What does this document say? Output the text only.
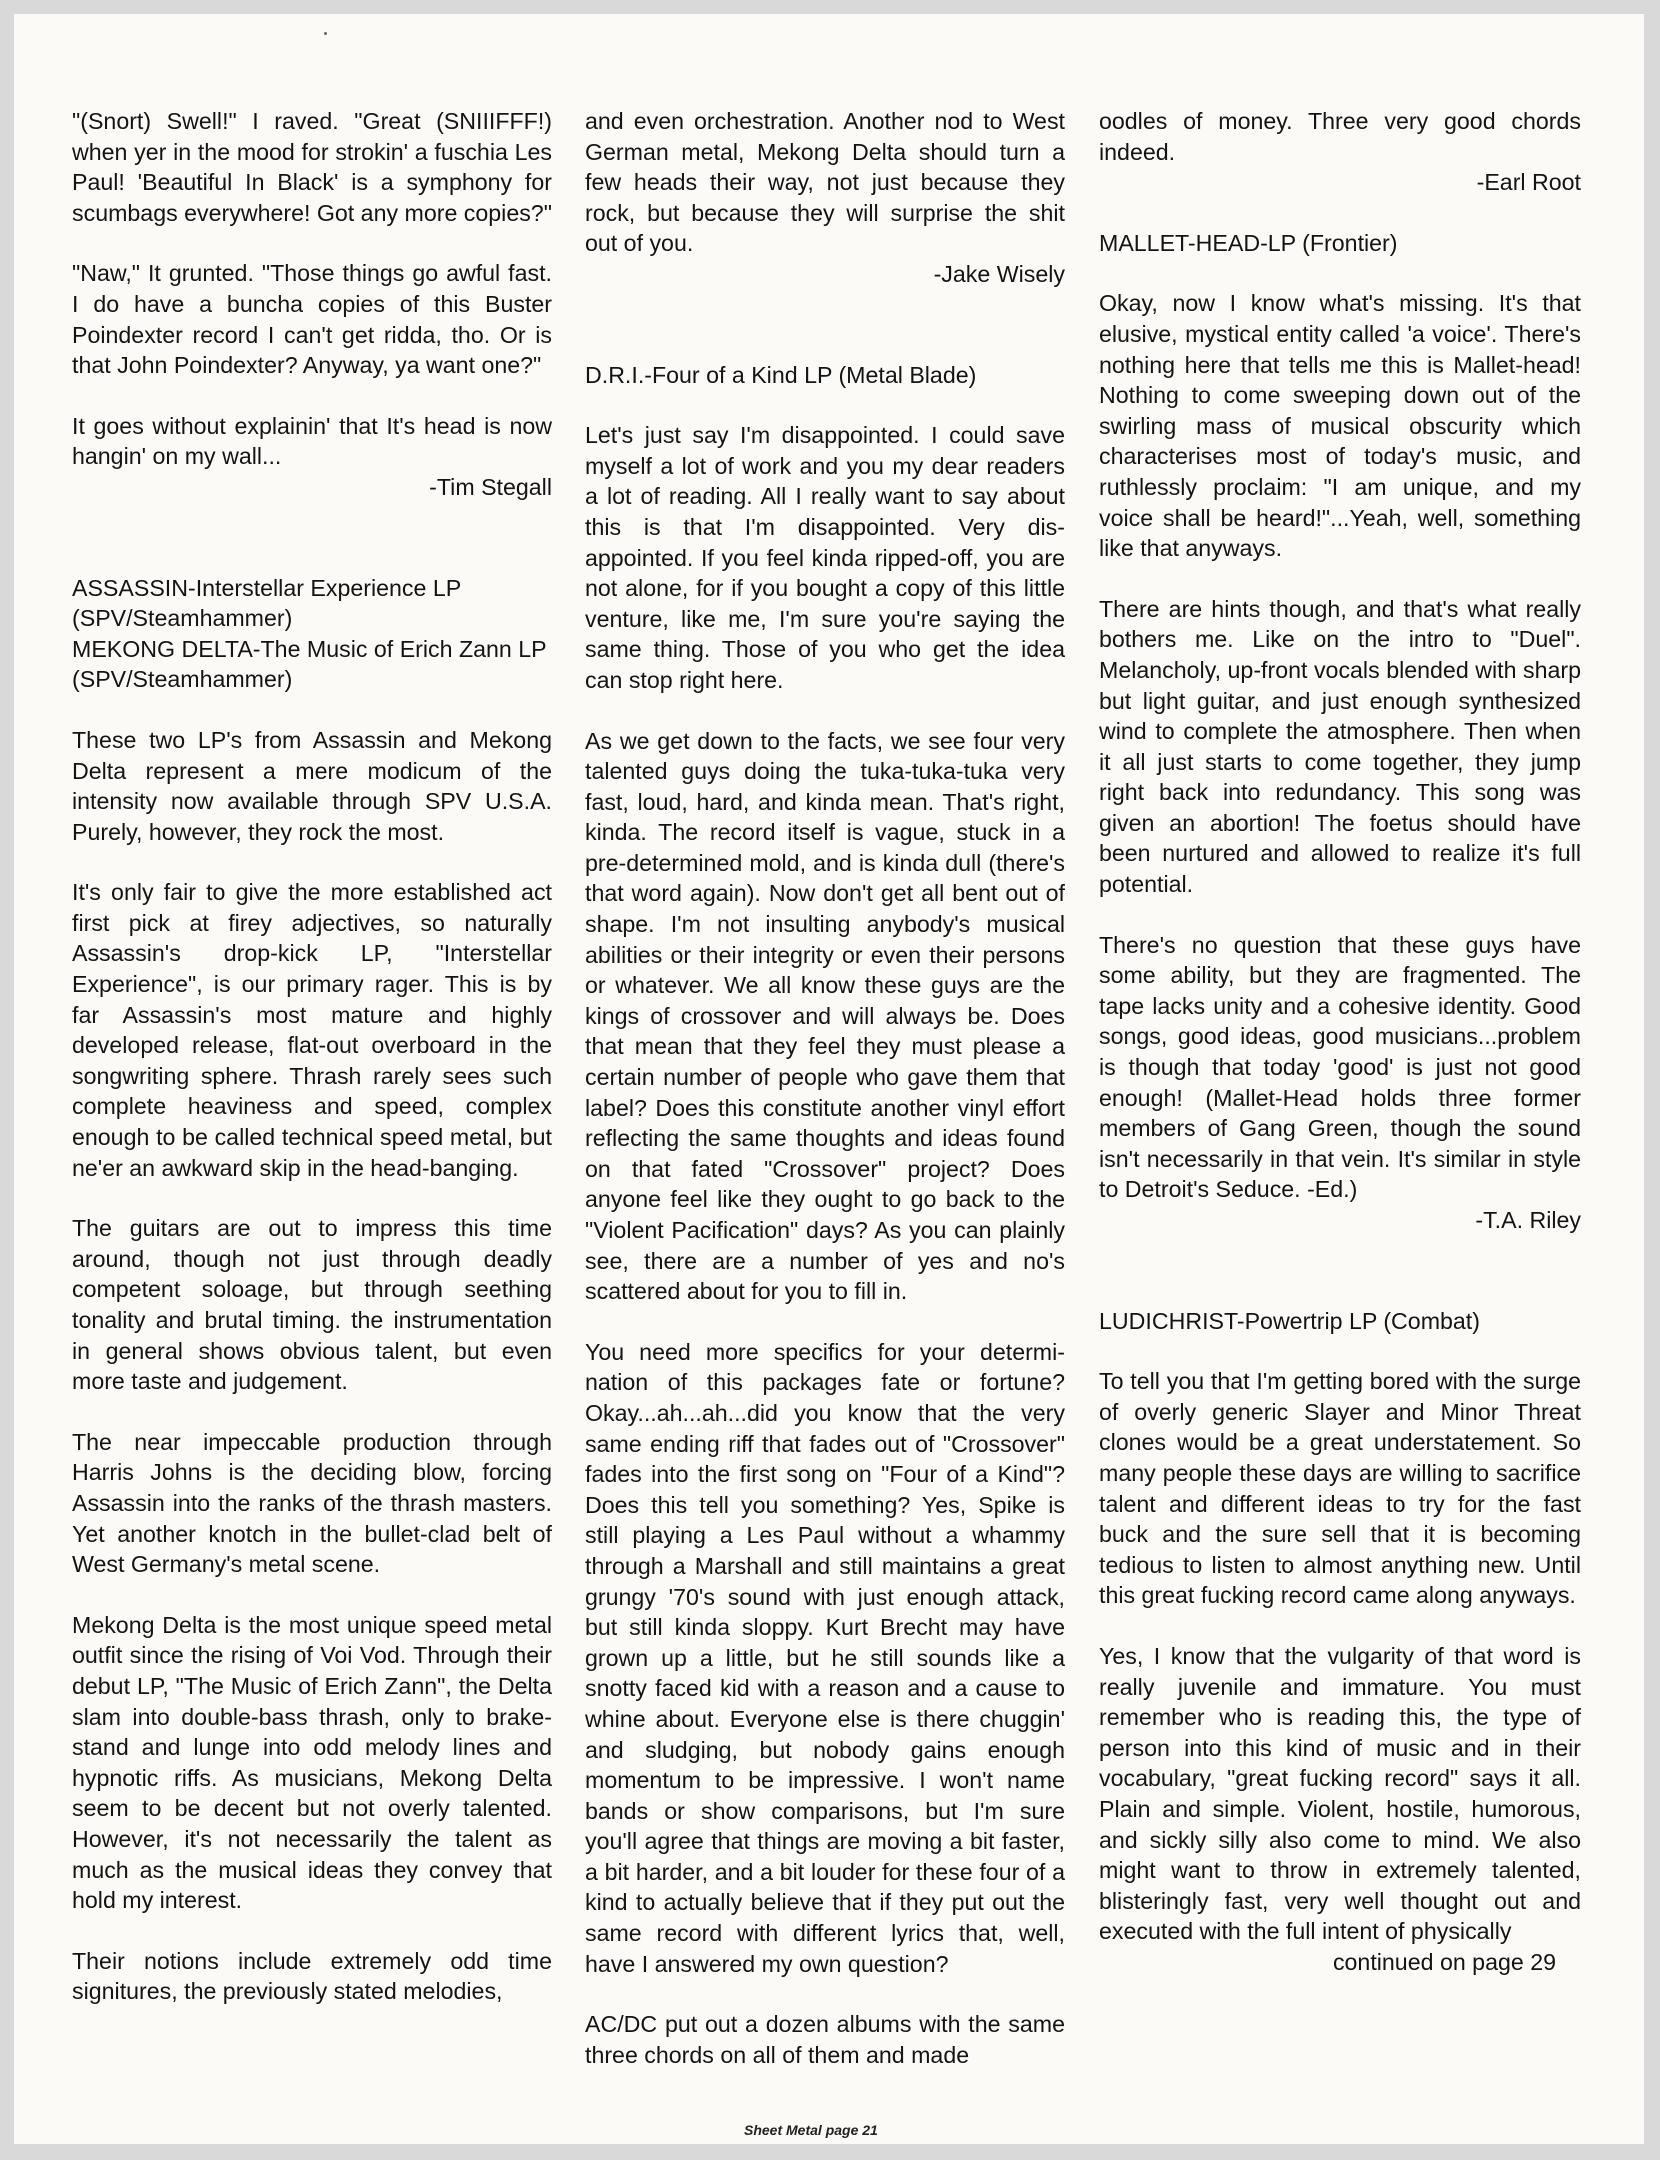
"(Snort) Swell!" I raved. "Great (SNIIIFFF!) when yer in the mood for strokin' a fuschia Les Paul! 'Beautiful In Black' is a symphony for scumbags everywhere! Got any more copies?"

"Naw," It grunted. "Those things go awful fast. I do have a buncha copies of this Buster Poindexter record I can't get ridda, tho. Or is that John Poindexter? Anyway, ya want one?"

It goes without explainin' that It's head is now hangin' on my wall...

-Tim Stegall

ASSASSIN-Interstellar Experience LP (SPV/Steamhammer)
MEKONG DELTA-The Music of Erich Zann LP (SPV/Steamhammer)

These two LP's from Assassin and Mekong Delta represent a mere modicum of the intensity now available through SPV U.S.A. Purely, however, they rock the most.

It's only fair to give the more established act first pick at firey adjectives, so naturally Assassin's drop-kick LP, "Interstellar Experience", is our primary rager. This is by far Assassin's most mature and highly developed release, flat-out overboard in the songwriting sphere. Thrash rarely sees such complete heaviness and speed, complex enough to be called technical speed metal, but ne'er an awkward skip in the head-banging.

The guitars are out to impress this time around, though not just through deadly competent soloage, but through seething tonality and brutal timing. the instrumentation in general shows obvious talent, but even more taste and judgement.

The near impeccable production through Harris Johns is the deciding blow, forcing Assassin into the ranks of the thrash masters. Yet another knotch in the bullet-clad belt of West Germany's metal scene.

Mekong Delta is the most unique speed metal outfit since the rising of Voi Vod. Through their debut LP, "The Music of Erich Zann", the Delta slam into double-bass thrash, only to brake-stand and lunge into odd melody lines and hypnotic riffs. As musicians, Mekong Delta seem to be decent but not overly talented. However, it's not necessarily the talent as much as the musical ideas they convey that hold my interest.

Their notions include extremely odd time signitures, the previously stated melodies,

and even orchestration. Another nod to West German metal, Mekong Delta should turn a few heads their way, not just because they rock, but because they will surprise the shit out of you.

-Jake Wisely

D.R.I.-Four of a Kind LP (Metal Blade)

Let's just say I'm disappointed. I could save myself a lot of work and you my dear readers a lot of reading. All I really want to say about this is that I'm disappointed. Very dis-appointed. If you feel kinda ripped-off, you are not alone, for if you bought a copy of this little venture, like me, I'm sure you're saying the same thing. Those of you who get the idea can stop right here.

As we get down to the facts, we see four very talented guys doing the tuka-tuka-tuka very fast, loud, hard, and kinda mean. That's right, kinda. The record itself is vague, stuck in a pre-determined mold, and is kinda dull (there's that word again). Now don't get all bent out of shape. I'm not insulting anybody's musical abilities or their integrity or even their persons or whatever. We all know these guys are the kings of crossover and will always be. Does that mean that they feel they must please a certain number of people who gave them that label? Does this constitute another vinyl effort reflecting the same thoughts and ideas found on that fated "Crossover" project? Does anyone feel like they ought to go back to the "Violent Pacification" days? As you can plainly see, there are a number of yes and no's scattered about for you to fill in.

You need more specifics for your determi-nation of this packages fate or fortune? Okay...ah...ah...did you know that the very same ending riff that fades out of "Crossover" fades into the first song on "Four of a Kind"? Does this tell you something? Yes, Spike is still playing a Les Paul without a whammy through a Marshall and still maintains a great grungy '70's sound with just enough attack, but still kinda sloppy. Kurt Brecht may have grown up a little, but he still sounds like a snotty faced kid with a reason and a cause to whine about. Everyone else is there chuggin' and sludging, but nobody gains enough momentum to be impressive. I won't name bands or show comparisons, but I'm sure you'll agree that things are moving a bit faster, a bit harder, and a bit louder for these four of a kind to actually believe that if they put out the same record with different lyrics that, well, have I answered my own question?

AC/DC put out a dozen albums with the same three chords on all of them and made

oodles of money. Three very good chords indeed.

-Earl Root

MALLET-HEAD-LP (Frontier)

Okay, now I know what's missing. It's that elusive, mystical entity called 'a voice'. There's nothing here that tells me this is Mallet-head! Nothing to come sweeping down out of the swirling mass of musical obscurity which characterises most of today's music, and ruthlessly proclaim: "I am unique, and my voice shall be heard!"...Yeah, well, something like that anyways.

There are hints though, and that's what really bothers me. Like on the intro to "Duel". Melancholy, up-front vocals blended with sharp but light guitar, and just enough synthesized wind to complete the atmosphere. Then when it all just starts to come together, they jump right back into redundancy. This song was given an abortion! The foetus should have been nurtured and allowed to realize it's full potential.

There's no question that these guys have some ability, but they are fragmented. The tape lacks unity and a cohesive identity. Good songs, good ideas, good musicians...problem is though that today 'good' is just not good enough! (Mallet-Head holds three former members of Gang Green, though the sound isn't necessarily in that vein. It's similar in style to Detroit's Seduce. -Ed.)

-T.A. Riley

LUDICHRIST-Powertrip LP (Combat)

To tell you that I'm getting bored with the surge of overly generic Slayer and Minor Threat clones would be a great understatement. So many people these days are willing to sacrifice talent and different ideas to try for the fast buck and the sure sell that it is becoming tedious to listen to almost anything new. Until this great fucking record came along anyways.

Yes, I know that the vulgarity of that word is really juvenile and immature. You must remember who is reading this, the type of person into this kind of music and in their vocabulary, "great fucking record" says it all. Plain and simple. Violent, hostile, humorous, and sickly silly also come to mind. We also might want to throw in extremely talented, blisteringly fast, very well thought out and executed with the full intent of physically

continued on page 29

Sheet Metal page 21
